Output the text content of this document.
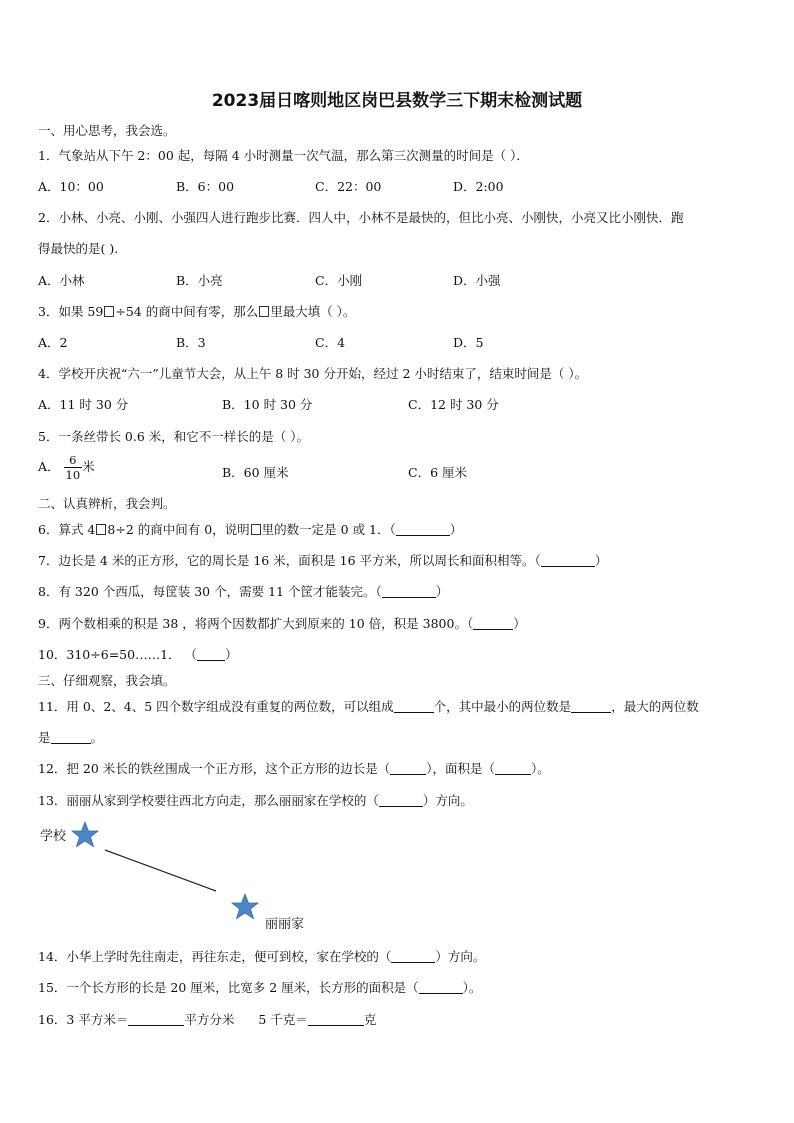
2023届日喀则地区岗巴县数学三下期末检测试题
一、用心思考，我会选。
1．气象站从下午 2：00 起，每隔 4 小时测量一次气温，那么第三次测量的时间是（ ）．
A．10：00	B．6：00	C．22：00	D．2:00
2．小林、小亮、小刚、小强四人进行跑步比赛．四人中，小林不是最快的，但比小亮、小刚快，小亮又比小刚快．跑
得最快的是( ).
A．小林	B．小亮	C．小刚	D．小强
3．如果 59 ÷54 的商中间有零，那么 里最大填（ ）。
A．2	B．3	C．4	D．5
4．学校开庆祝“六一”儿童节大会，从上午 8 时 30 分开始，经过 2 小时结束了，结束时间是（ ）。
A．11 时 30 分	B．10 时 30 分	C．12 时 30 分
5．一条丝带长 0.6 米，和它不一样长的是（ ）。
A． $\frac{6}{10}$ 米	B．60 厘米	C．6 厘米
二、认真辨析，我会判。
6．算式 4 8÷2 的商中间有 0，说明 里的数一定是 0 或 1．（	）
7．边长是 4 米的正方形，它的周长是 16 米，面积是 16 平方米，所以周长和面积相等。（	）
8．有 320 个西瓜，每筐装 30 个，需要 11 个筐才能装完。（	）
9．两个数相乘的积是 38 ，将两个因数都扩大到原来的 10 倍，积是 3800。（	）
10．310÷6=50……1． （ ）
三、仔细观察，我会填。
11．用 0、2、4、5 四个数字组成没有重复的两位数，可以组成	个，其中最小的两位数是	，最大的两位数
是	。
12．把 20 米长的铁丝围成一个正方形，这个正方形的边长是（	），面积是（	）。
13．丽丽从家到学校要往西北方向走，那么丽丽家在学校的（	）方向。
学校
丽丽家
14．小华上学时先往南走，再往东走，便可到校，家在学校的（	）方向。
15．一个长方形的长是 20 厘米，比宽多 2 厘米，长方形的面积是（	）。
16．3 平方米＝	平方分米 5 千克＝	克
